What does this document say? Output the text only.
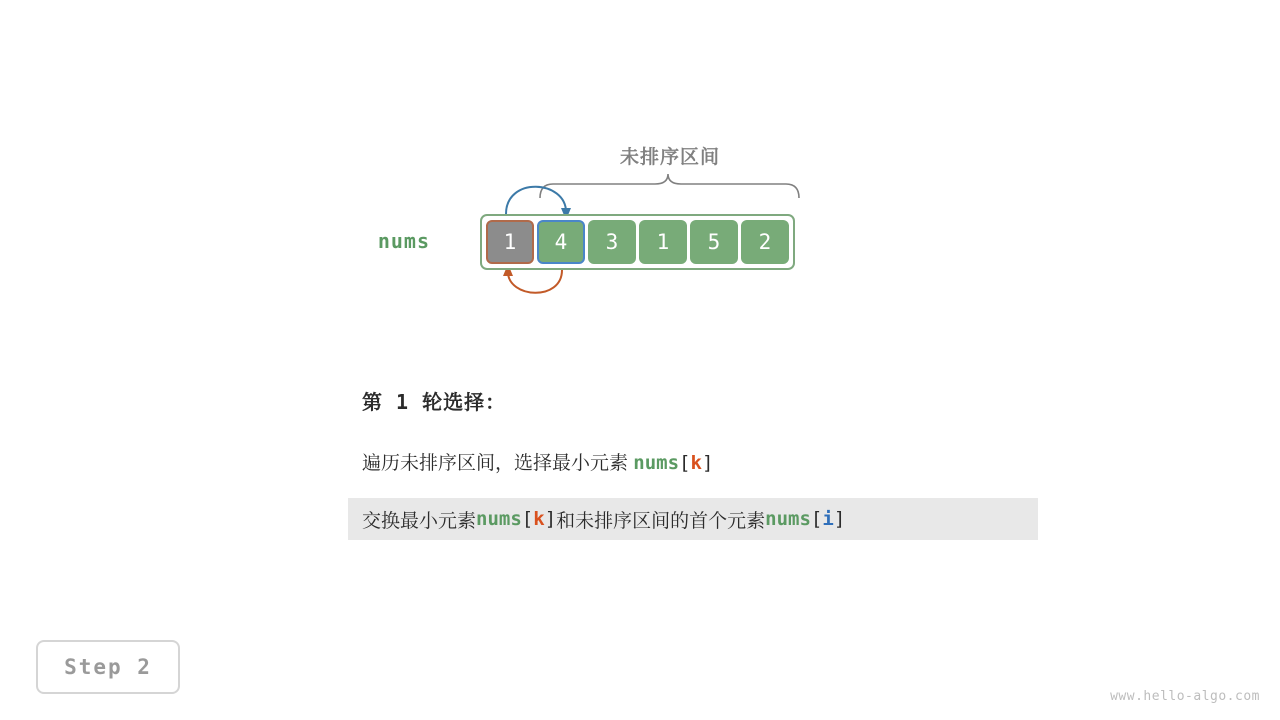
未排序区间
nums	1	4	3	1	5	2
第 1 轮选择：
遍历未排序区间，选择最小元素 nums[k]
交换最小元素 nums[k] 和未排序区间的首个元素 nums[i]
Step 2
www.hello-algo.com
